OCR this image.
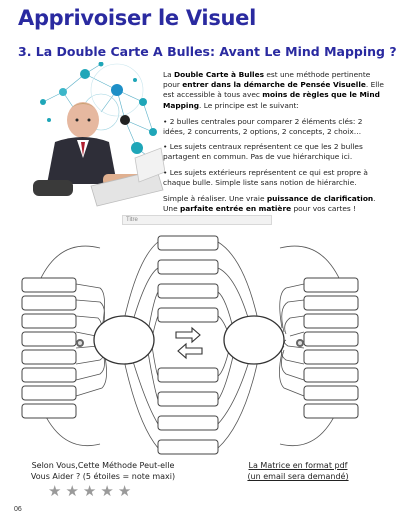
Apprivoiser le Visuel
3. La Double Carte A Bulles: Avant Le Mind Mapping ?

La Double Carte à Bulles est une méthode pertinente pour entrer dans la démarche de Pensée Visuelle. Elle est accessible à tous avec moins de règles que le Mind Mapping. Le principe est le suivant:

• 2 bulles centrales pour comparer 2 éléments clés: 2 idées, 2 concurrents, 2 options, 2 concepts, 2 choix…

• Les sujets centraux représentent ce que les 2 bulles partagent en commun. Pas de vue hiérarchique ici.

• Les sujets extérieurs représentent ce qui est propre à chaque bulle. Simple liste sans notion de hiérarchie.

Simple à réaliser. Une vraie puissance de clarification. Une parfaite entrée en matière pour vos cartes !

Titre
Selon Vous,Cette Méthode Peut-elle
Vous Aider ? (5 étoiles = note maxi)
★ ★ ★ ★ ★
La Matrice en format pdf
(un email sera demandé)
06
